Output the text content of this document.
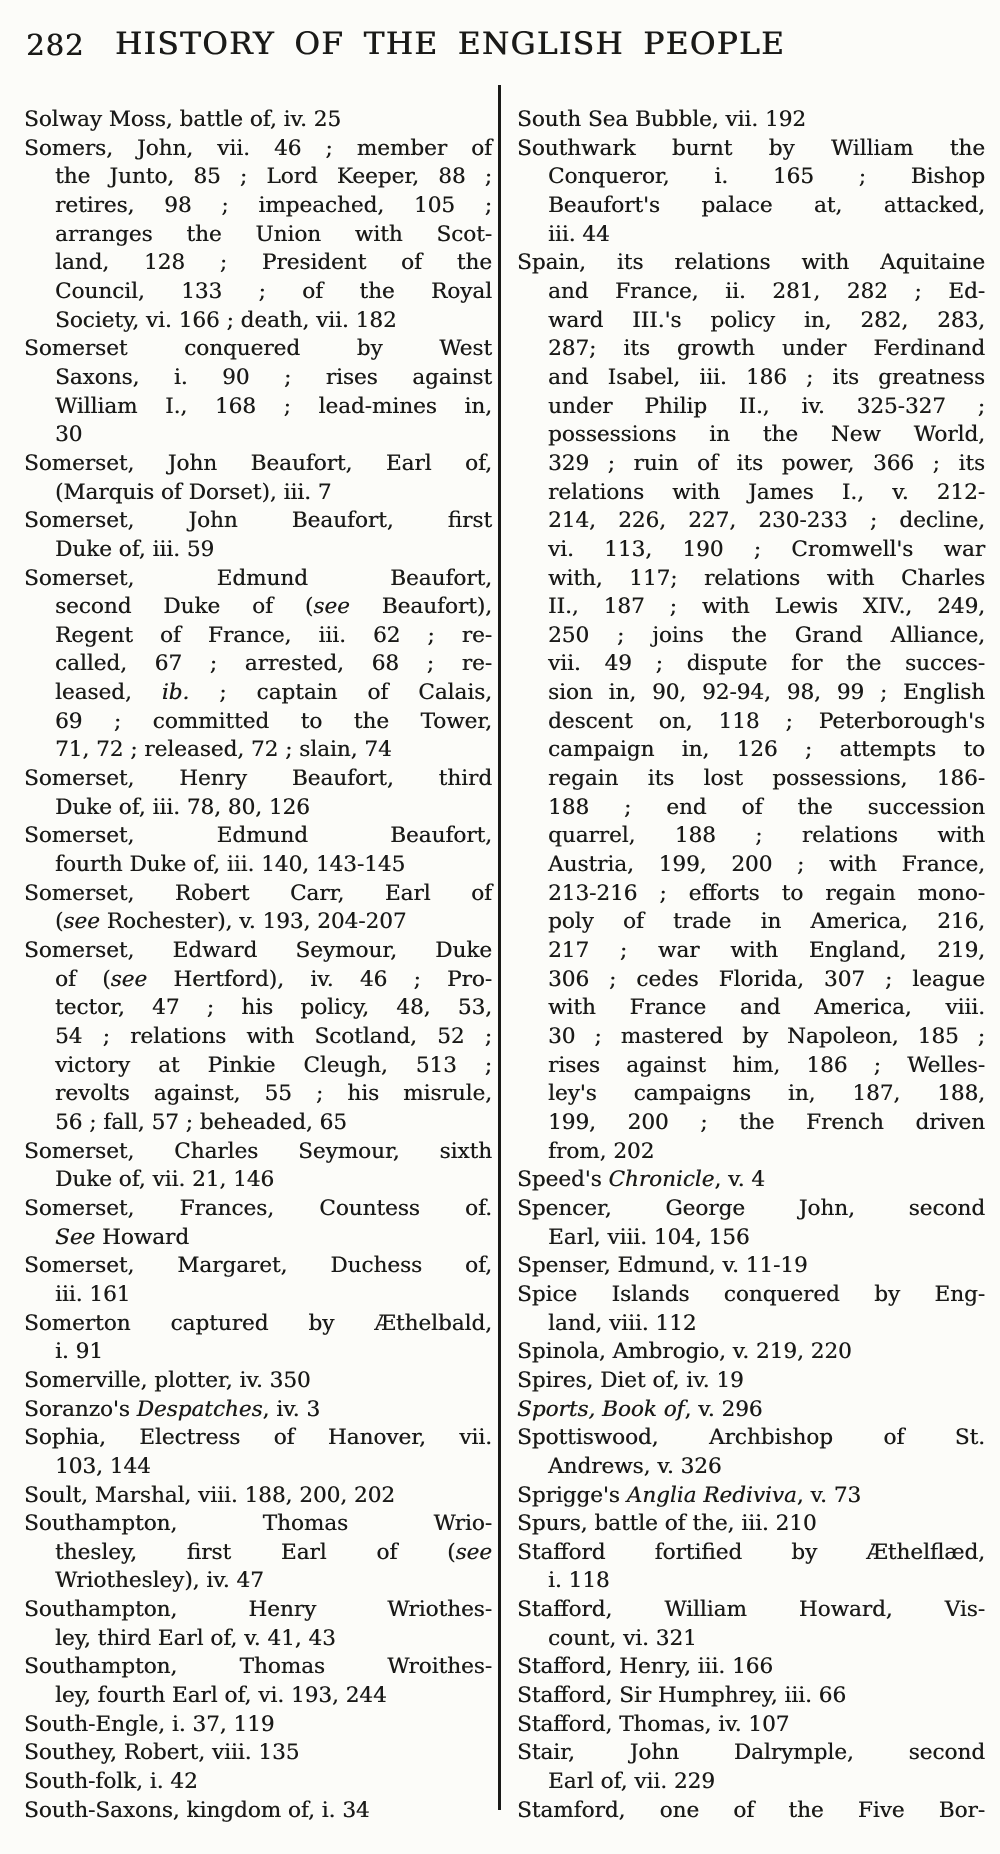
282 HISTORY OF THE ENGLISH PEOPLE

Solway Moss, battle of, iv. 25

Somers, John, vii. 46 ; member of
the Junto, 85 ; Lord Keeper, 88 ;
retires, 98 ; impeached, 105 ;
arranges the Union with Scot-
land, 128 ; President of the
Council, 133 ; of the Royal
Society, vi. 166 ; death, vii. 182

Somerset conquered by West
Saxons, i. 90 ; rises against
William I., 168 ; lead-mines in,
30

Somerset, John Beaufort, Earl of,
(Marquis of Dorset), iii. 7

Somerset, John Beaufort, first
Duke of, iii. 59

Somerset, Edmund Beaufort,
second Duke of (see Beaufort),
Regent of France, iii. 62 ; re-
called, 67 ; arrested, 68 ; re-
leased, ib. ; captain of Calais,
69 ; committed to the Tower,
71, 72 ; released, 72 ; slain, 74

Somerset, Henry Beaufort, third
Duke of, iii. 78, 80, 126

Somerset, Edmund Beaufort,
fourth Duke of, iii. 140, 143-145

Somerset, Robert Carr, Earl of
(see Rochester), v. 193, 204-207

Somerset, Edward Seymour, Duke
of (see Hertford), iv. 46 ; Pro-
tector, 47 ; his policy, 48, 53,
54 ; relations with Scotland, 52 ;
victory at Pinkie Cleugh, 513 ;
revolts against, 55 ; his misrule,
56 ; fall, 57 ; beheaded, 65

Somerset, Charles Seymour, sixth
Duke of, vii. 21, 146

Somerset, Frances, Countess of.
See Howard

Somerset, Margaret, Duchess of,
iii. 161

Somerton captured by Æthelbald,
i. 91

Somerville, plotter, iv. 350

Soranzo's Despatches, iv. 3

Sophia, Electress of Hanover, vii.
103, 144

Soult, Marshal, viii. 188, 200, 202

Southampton, Thomas Wrio-
thesley, first Earl of (see
Wriothesley), iv. 47

Southampton, Henry Wriothes-
ley, third Earl of, v. 41, 43

Southampton, Thomas Wroithes-
ley, fourth Earl of, vi. 193, 244

South-Engle, i. 37, 119

Southey, Robert, viii. 135

South-folk, i. 42

South-Saxons, kingdom of, i. 34

South Sea Bubble, vii. 192

Southwark burnt by William the
Conqueror, i. 165 ; Bishop
Beaufort's palace at, attacked,
iii. 44

Spain, its relations with Aquitaine
and France, ii. 281, 282 ; Ed-
ward III.'s policy in, 282, 283,
287; its growth under Ferdinand
and Isabel, iii. 186 ; its greatness
under Philip II., iv. 325-327 ;
possessions in the New World,
329 ; ruin of its power, 366 ; its
relations with James I., v. 212-
214, 226, 227, 230-233 ; decline,
vi. 113, 190 ; Cromwell's war
with, 117; relations with Charles
II., 187 ; with Lewis XIV., 249,
250 ; joins the Grand Alliance,
vii. 49 ; dispute for the succes-
sion in, 90, 92-94, 98, 99 ; English
descent on, 118 ; Peterborough's
campaign in, 126 ; attempts to
regain its lost possessions, 186-
188 ; end of the succession
quarrel, 188 ; relations with
Austria, 199, 200 ; with France,
213-216 ; efforts to regain mono-
poly of trade in America, 216,
217 ; war with England, 219,
306 ; cedes Florida, 307 ; league
with France and America, viii.
30 ; mastered by Napoleon, 185 ;
rises against him, 186 ; Welles-
ley's campaigns in, 187, 188,
199, 200 ; the French driven
from, 202

Speed's Chronicle, v. 4

Spencer, George John, second
Earl, viii. 104, 156

Spenser, Edmund, v. 11-19

Spice Islands conquered by Eng-
land, viii. 112

Spinola, Ambrogio, v. 219, 220

Spires, Diet of, iv. 19

Sports, Book of, v. 296

Spottiswood, Archbishop of St.
Andrews, v. 326

Sprigge's Anglia Rediviva, v. 73

Spurs, battle of the, iii. 210

Stafford fortified by Æthelflæd,
i. 118

Stafford, William Howard, Vis-
count, vi. 321

Stafford, Henry, iii. 166

Stafford, Sir Humphrey, iii. 66

Stafford, Thomas, iv. 107

Stair, John Dalrymple, second
Earl of, vii. 229

Stamford, one of the Five Bor-
